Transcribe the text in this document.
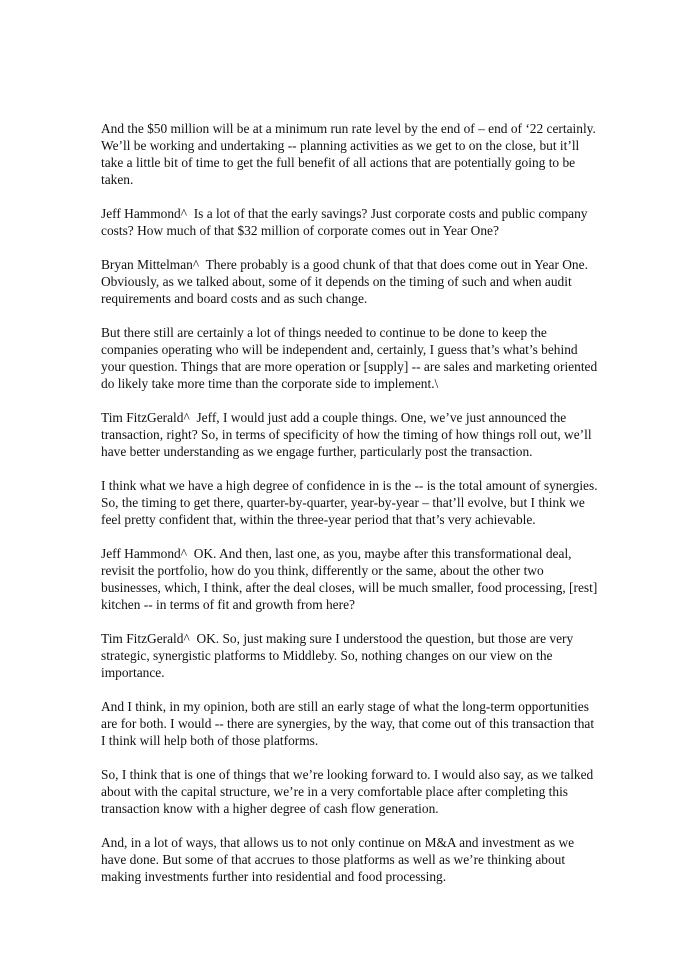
And the $50 million will be at a minimum run rate level by the end of – end of ‘22 certainly. We’ll be working and undertaking -- planning activities as we get to on the close, but it’ll take a little bit of time to get the full benefit of all actions that are potentially going to be taken.

Jeff Hammond^ Is a lot of that the early savings? Just corporate costs and public company costs? How much of that $32 million of corporate comes out in Year One?

Bryan Mittelman^ There probably is a good chunk of that that does come out in Year One. Obviously, as we talked about, some of it depends on the timing of such and when audit requirements and board costs and as such change.

But there still are certainly a lot of things needed to continue to be done to keep the companies operating who will be independent and, certainly, I guess that’s what’s behind your question. Things that are more operation or [supply] -- are sales and marketing oriented do likely take more time than the corporate side to implement.\

Tim FitzGerald^ Jeff, I would just add a couple things. One, we’ve just announced the transaction, right? So, in terms of specificity of how the timing of how things roll out, we’ll have better understanding as we engage further, particularly post the transaction.

I think what we have a high degree of confidence in is the -- is the total amount of synergies. So, the timing to get there, quarter-by-quarter, year-by-year – that’ll evolve, but I think we feel pretty confident that, within the three-year period that that’s very achievable.

Jeff Hammond^ OK. And then, last one, as you, maybe after this transformational deal, revisit the portfolio, how do you think, differently or the same, about the other two businesses, which, I think, after the deal closes, will be much smaller, food processing, [rest] kitchen -- in terms of fit and growth from here?

Tim FitzGerald^ OK. So, just making sure I understood the question, but those are very strategic, synergistic platforms to Middleby. So, nothing changes on our view on the importance.

And I think, in my opinion, both are still an early stage of what the long-term opportunities are for both. I would -- there are synergies, by the way, that come out of this transaction that I think will help both of those platforms.

So, I think that is one of things that we’re looking forward to. I would also say, as we talked about with the capital structure, we’re in a very comfortable place after completing this transaction know with a higher degree of cash flow generation.

And, in a lot of ways, that allows us to not only continue on M&A and investment as we have done. But some of that accrues to those platforms as well as we’re thinking about making investments further into residential and food processing.
